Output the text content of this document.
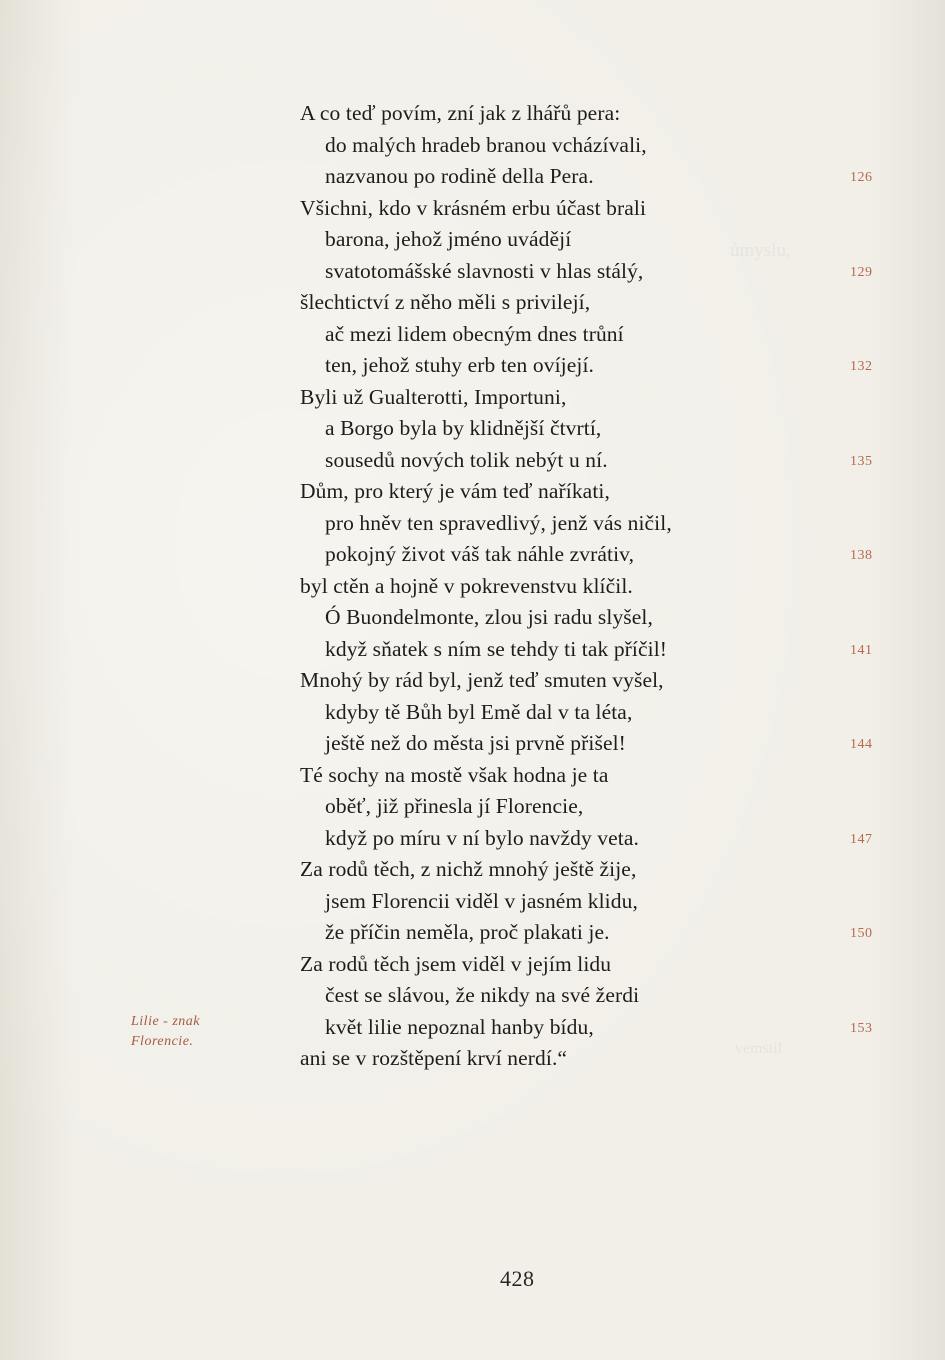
ůmyslu,
vemstil
A co teď povím, zní jak z lhářů pera:
do malých hradeb branou vcházívali,
nazvanou po rodině della Pera.
Všichni, kdo v krásném erbu účast brali
barona, jehož jméno uvádějí
svatotomášské slavnosti v hlas stálý,
šlechtictví z něho měli s privilejí,
ač mezi lidem obecným dnes trůní
ten, jehož stuhy erb ten ovíjejí.
Byli už Gualterotti, Importuni,
a Borgo byla by klidnější čtvrtí,
sousedů nových tolik nebýt u ní.
Dům, pro který je vám teď naříkati,
pro hněv ten spravedlivý, jenž vás ničil,
pokojný život váš tak náhle zvrátiv,
byl ctěn a hojně v pokrevenstvu klíčil.
Ó Buondelmonte, zlou jsi radu slyšel,
když sňatek s ním se tehdy ti tak příčil!
Mnohý by rád byl, jenž teď smuten vyšel,
kdyby tě Bůh byl Emě dal v ta léta,
ještě než do města jsi prvně přišel!
Té sochy na mostě však hodna je ta
oběť, již přinesla jí Florencie,
když po míru v ní bylo navždy veta.
Za rodů těch, z nichž mnohý ještě žije,
jsem Florencii viděl v jasném klidu,
že příčin neměla, proč plakati je.
Za rodů těch jsem viděl v jejím lidu
čest se slávou, že nikdy na své žerdi
květ lilie nepoznal hanby bídu,
ani se v rozštěpení krví nerdí.“
126
129
132
135
138
141
144
147
150
153
Lilie - znak
Florencie.
428
